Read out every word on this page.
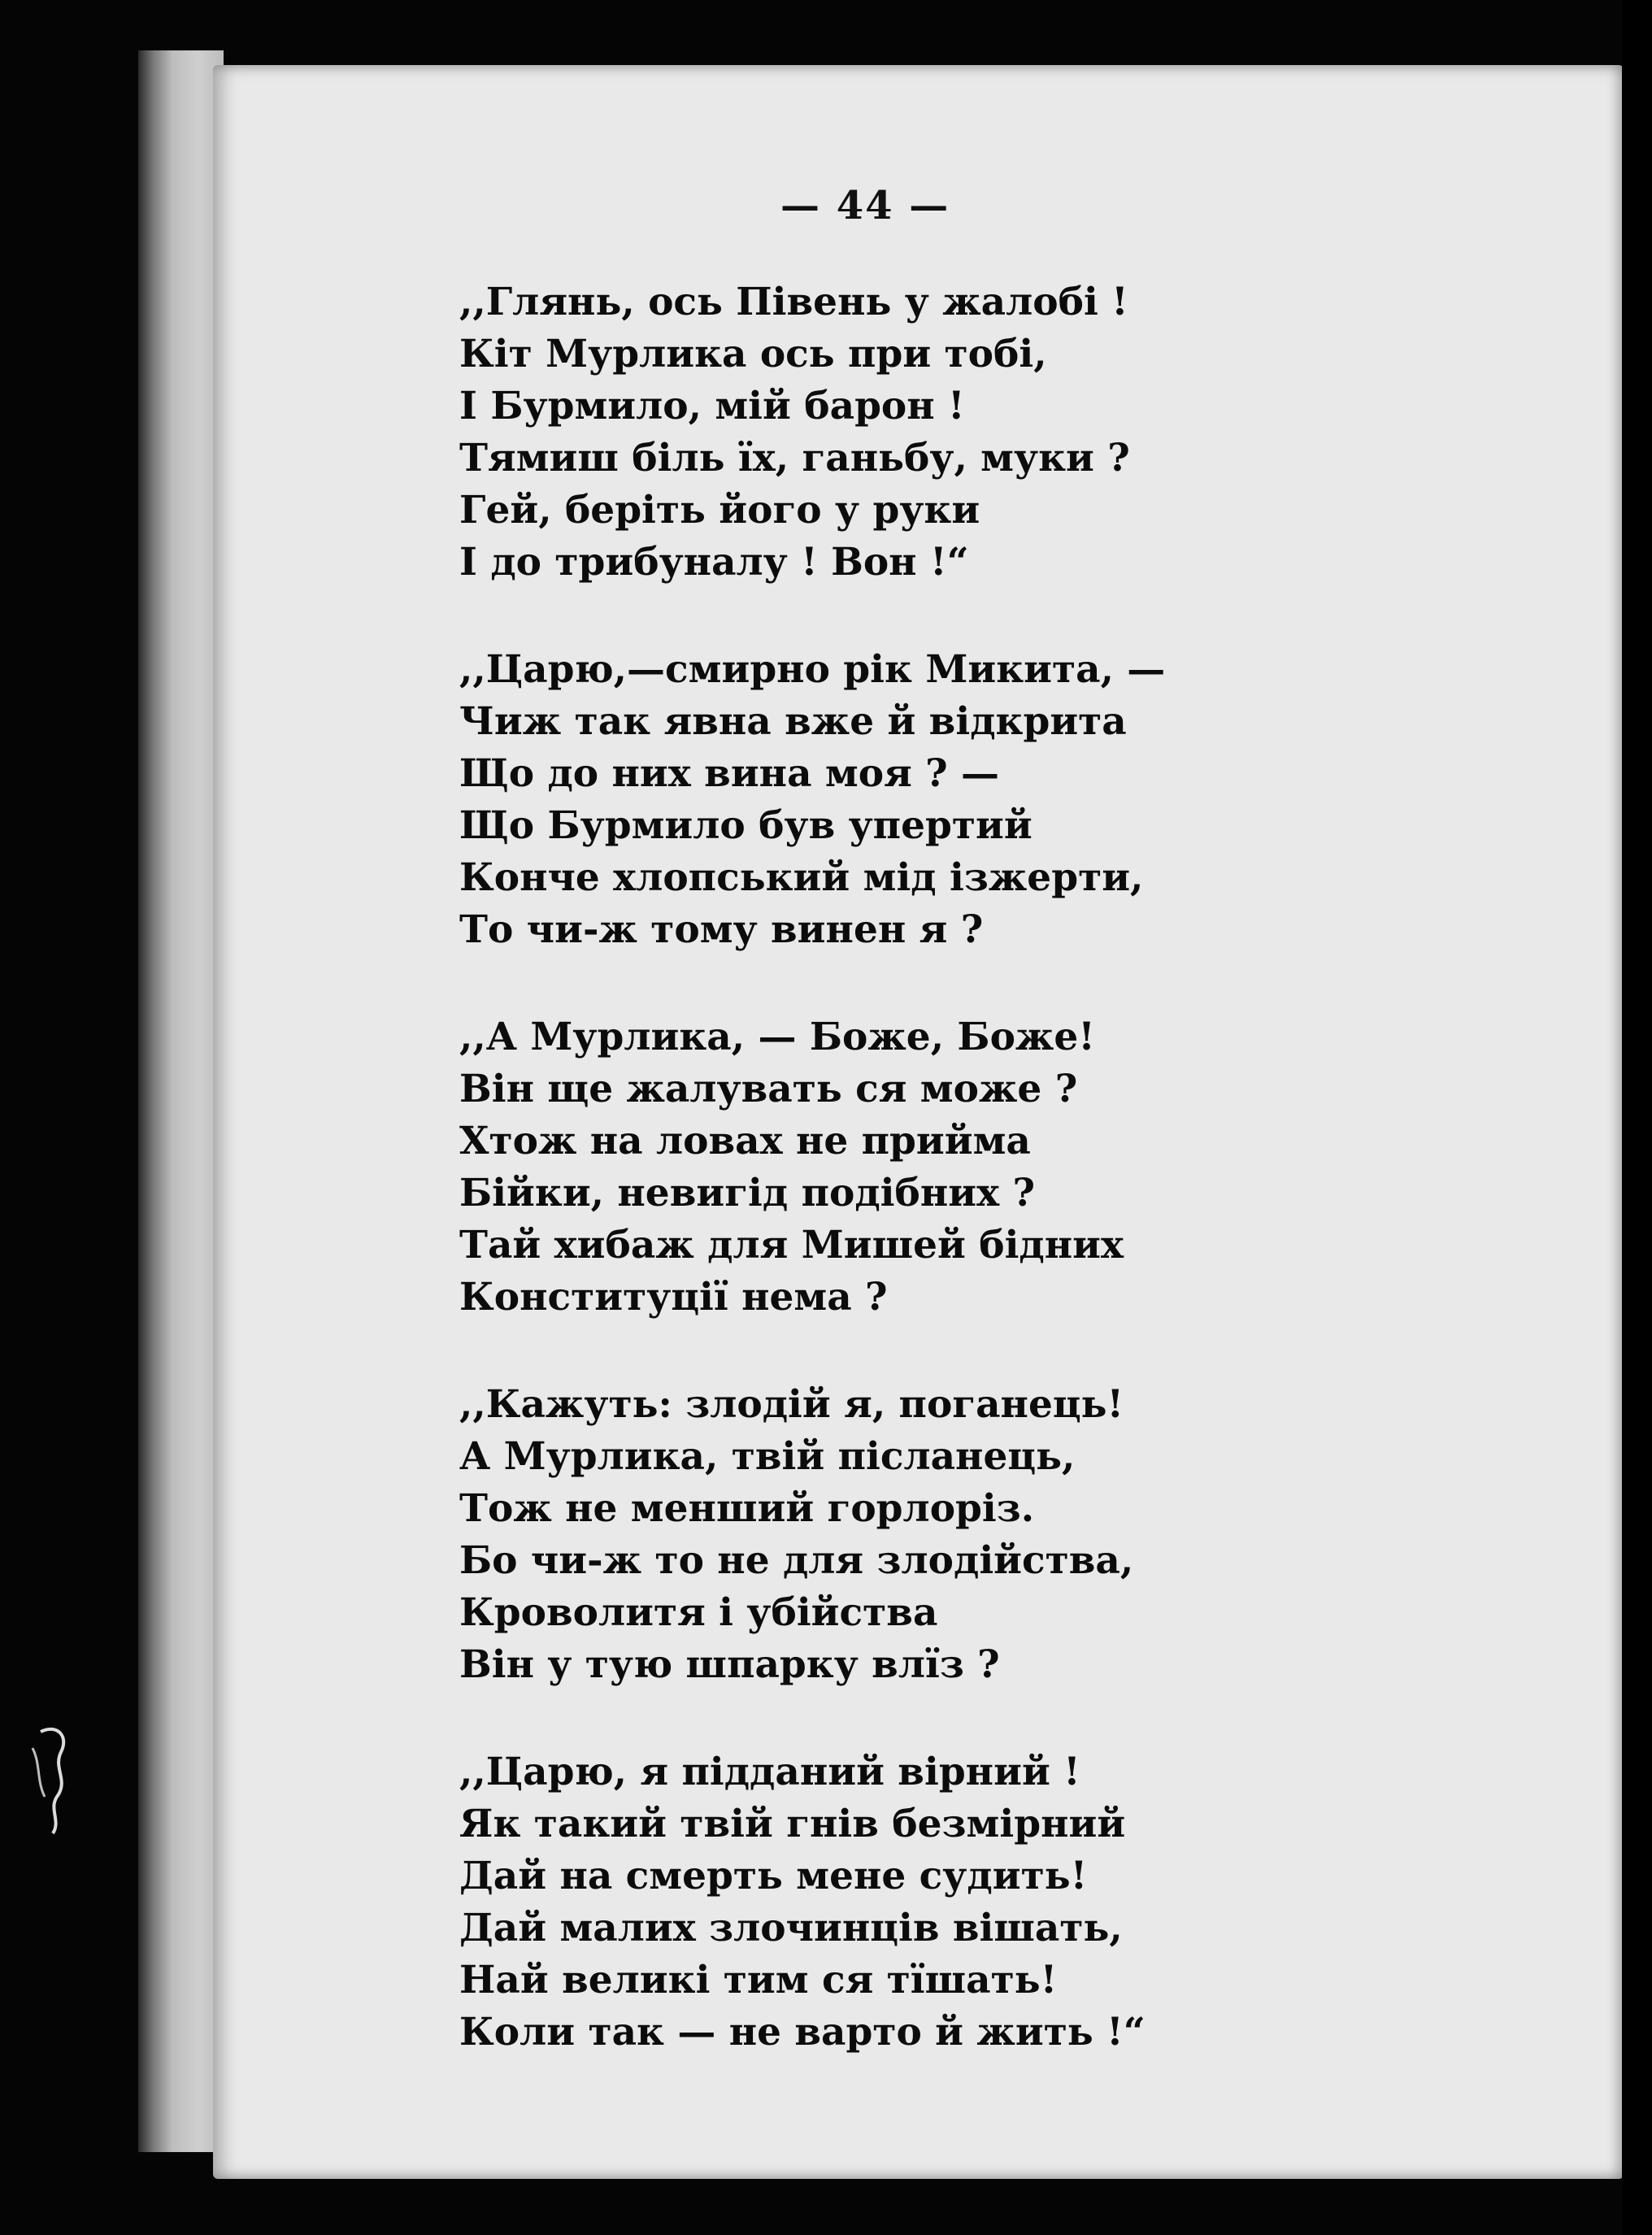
— 44 —
,,Глянь, ось Півень у жалобі !
Кіт Мурлика ось при тобі,
І Бурмило, мій барон !
Тямиш біль їх, ганьбу, муки ?
Гей, беріть його у руки
І до трибуналу ! Вон !“
,,Царю,—смирно рік Микита, —
Чиж так явна вже й відкрита
Що до них вина моя ? —
Що Бурмило був упертий
Конче хлопський мід ізжерти,
То чи-ж тому винен я ?
,,А Мурлика, — Боже, Боже!
Він ще жалувать ся може ?
Хтож на ловах не прийма
Бійки, невигід подібних ?
Тай хибаж для Мишей бідних
Конституції нема ?
,,Кажуть: злодій я, поганець!
А Мурлика, твій післанець,
Тож не менший горлоріз.
Бо чи-ж то не для злодійства,
Кроволитя і убійства
Він у тую шпарку влїз ?
,,Царю, я підданий вірний !
Як такий твій гнів безмірний
Дай на смерть мене судить!
Дай малих злочинців вішать,
Най великі тим ся тїшать!
Коли так — не варто й жить !“
